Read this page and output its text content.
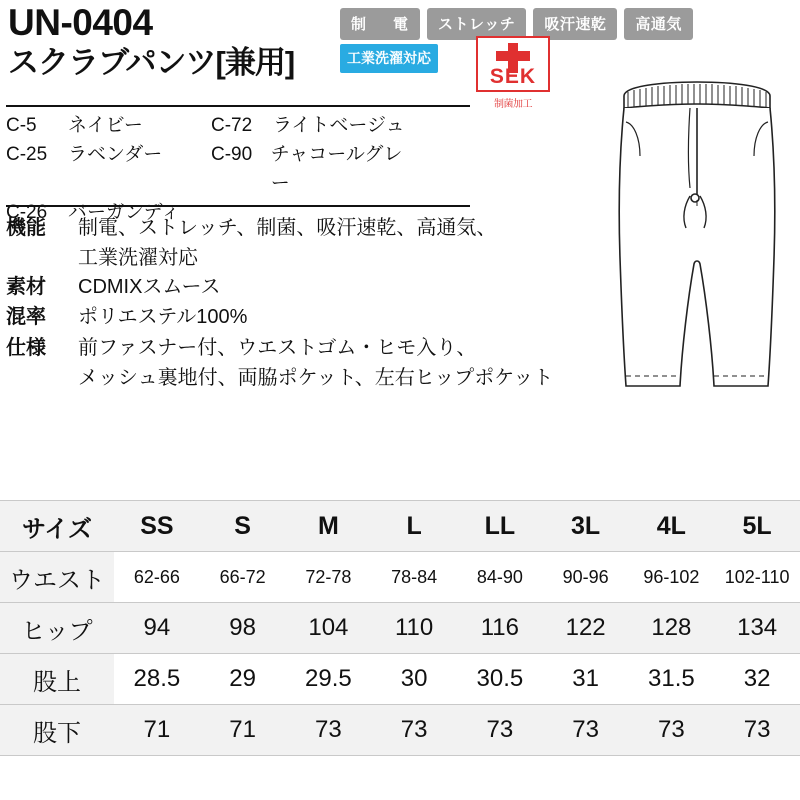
UN-0404
スクラブパンツ[兼用]
制　電	ストレッチ	吸汗速乾	高通気
工業洗濯対応
SEK
制菌加工
C-5	ネイビー	C-72	ライトベージュ
C-25	ラベンダー	C-90 チャコールグレー
C-26	バーガンディ
機能	制電、ストレッチ、制菌、吸汗速乾、高通気、
工業洗濯対応
素材	CDMIXスムース
混率	ポリエステル100%
仕様	前ファスナー付、ウエストゴム・ヒモ入り、
メッシュ裏地付、両脇ポケット、左右ヒップポケット
サイズ	SS	S	M	L	LL	3L	4L	5L
ウエスト	62-66	66-72	72-78	78-84	84-90	90-96	96-102	102-110
ヒップ	94	98	104	110	116	122	128	134
股上	28.5	29	29.5	30	30.5	31	31.5	32
股下	71	71	73	73	73	73	73	73
